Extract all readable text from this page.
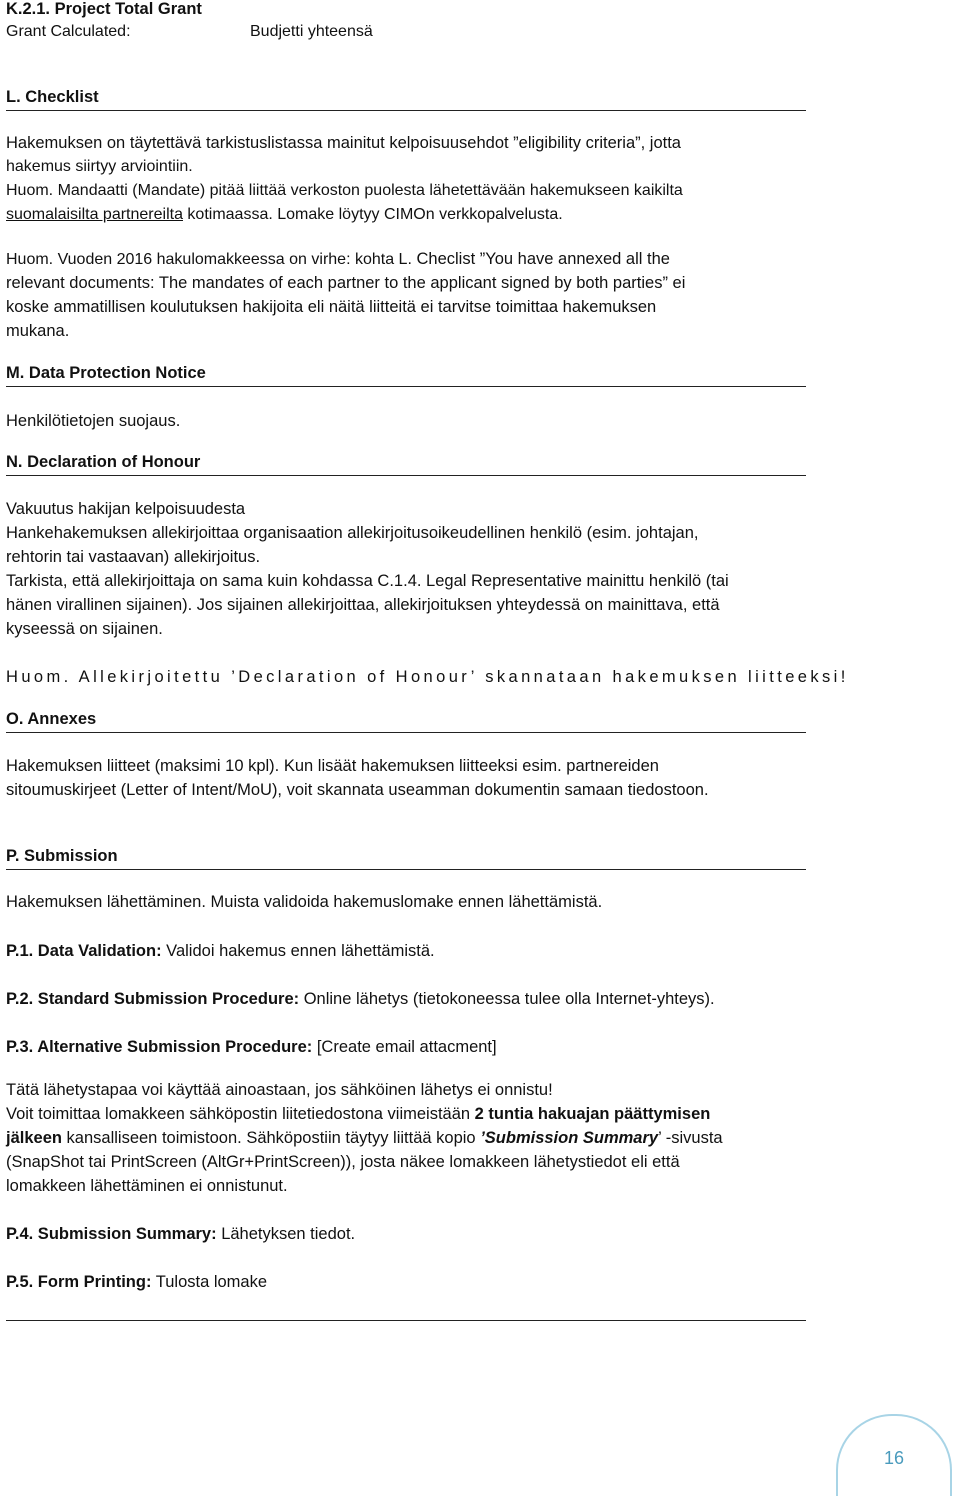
K.2.1. Project Total Grant
Grant Calculated:	Budjetti yhteensä
L. Checklist
Hakemuksen on täytettävä tarkistuslistassa mainitut kelpoisuusehdot ”eligibility criteria”, jotta
hakemus siirtyy arviointiin.
Huom. Mandaatti (Mandate) pitää liittää verkoston puolesta lähetettävään hakemukseen kaikilta
suomalaisilta partnereilta kotimaassa. Lomake löytyy CIMOn verkkopalvelusta.
Huom. Vuoden 2016 hakulomakkeessa on virhe: kohta L. Checlist ”You have annexed all the
relevant documents: The mandates of each partner to the applicant signed by both parties” ei
koske ammatillisen koulutuksen hakijoita eli näitä liitteitä ei tarvitse toimittaa hakemuksen
mukana.
M. Data Protection Notice
Henkilötietojen suojaus.
N. Declaration of Honour
Vakuutus hakijan kelpoisuudesta
Hankehakemuksen allekirjoittaa organisaation allekirjoitusoikeudellinen henkilö (esim. johtajan,
rehtorin tai vastaavan) allekirjoitus.
Tarkista, että allekirjoittaja on sama kuin kohdassa C.1.4. Legal Representative mainittu henkilö (tai
hänen virallinen sijainen). Jos sijainen allekirjoittaa, allekirjoituksen yhteydessä on mainittava, että
kyseessä on sijainen.
Huom. Allekirjoitettu ’Declaration of Honour’ skannataan hakemuksen liitteeksi!
O. Annexes
Hakemuksen liitteet (maksimi 10 kpl). Kun lisäät hakemuksen liitteeksi esim. partnereiden
sitoumuskirjeet (Letter of Intent/MoU), voit skannata useamman dokumentin samaan tiedostoon.
P. Submission
Hakemuksen lähettäminen. Muista validoida hakemuslomake ennen lähettämistä.
P.1. Data Validation: Validoi hakemus ennen lähettämistä.
P.2. Standard Submission Procedure: Online lähetys (tietokoneessa tulee olla Internet-yhteys).
P.3. Alternative Submission Procedure: [Create email attacment]
Tätä lähetystapaa voi käyttää ainoastaan, jos sähköinen lähetys ei onnistu!
Voit toimittaa lomakkeen sähköpostin liitetiedostona viimeistään 2 tuntia hakuajan päättymisen
jälkeen kansalliseen toimistoon. Sähköpostiin täytyy liittää kopio ’Submission Summary’ -sivusta
(SnapShot tai PrintScreen (AltGr+PrintScreen)), josta näkee lomakkeen lähetystiedot eli että
lomakkeen lähettäminen ei onnistunut.
P.4. Submission Summary: Lähetyksen tiedot.
P.5. Form Printing: Tulosta lomake
16
